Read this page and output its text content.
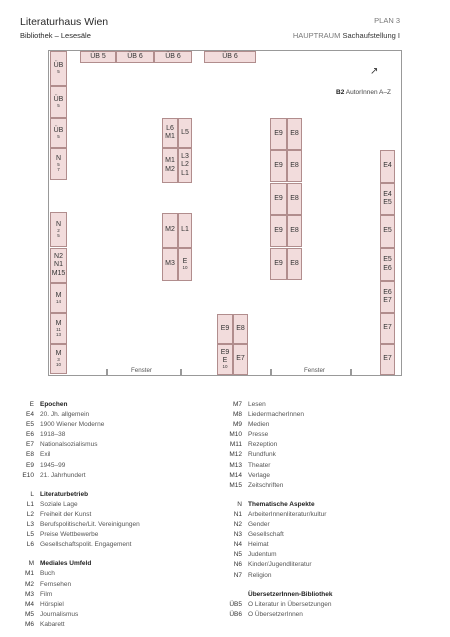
Literaturhaus Wien
Bibliothek – Lesesäle
PLAN 3
HAUPTRAUM Sachaufstellung I
ÜB 5	ÜB 6	ÜB 6	ÜB 6
ÜB
5
ÜB
5
ÜB
5
N
5
7
N
2
5
N2
N1
M15
M
14
M
11
13
M
3
10
L6
M1
L5
M1
M2
L3
L2
L1
M2 L1
M3 E
10
E9 E8
E9 E8
E9 E8
E9 E8
E9 E8
E9 E8
E9
E
10
E7
E4
E4
E5
E5
E5
E6
E6
E7
E7
E7
↗
B2 AutorInnen A–Z
Fenster	Fenster
E Epochen
E4 20. Jh. allgemein
E5 1900 Wiener Moderne
E6 1918–38
E7 Nationalsozialismus
E8 Exil
E9 1945–99
E10 21. Jahrhundert
L Literaturbetrieb
L1 Soziale Lage
L2 Freiheit der Kunst
L3 Berufspolitische/Lit. Vereinigungen
L5 Preise Wettbewerbe
L6 Gesellschaftspolit. Engagement
M Mediales Umfeld
M1 Buch
M2 Fernsehen
M3 Film
M4 Hörspiel
M5 Journalismus
M6 Kabarett
M7 Lesen
M8 LiedermacherInnen
M9 Medien
M10 Presse
M11 Rezeption
M12 Rundfunk
M13 Theater
M14 Verlage
M15 Zeitschriften
N Thematische Aspekte
N1 ArbeiterInnenliteratur/kultur
N2 Gender
N3 Gesellschaft
N4 Heimat
N5 Judentum
N6 Kinder/Jugendliteratur
N7 Religion
ÜbersetzerInnen-Bibliothek
ÜB5 O Literatur in Übersetzungen
ÜB6 O ÜbersetzerInnen
